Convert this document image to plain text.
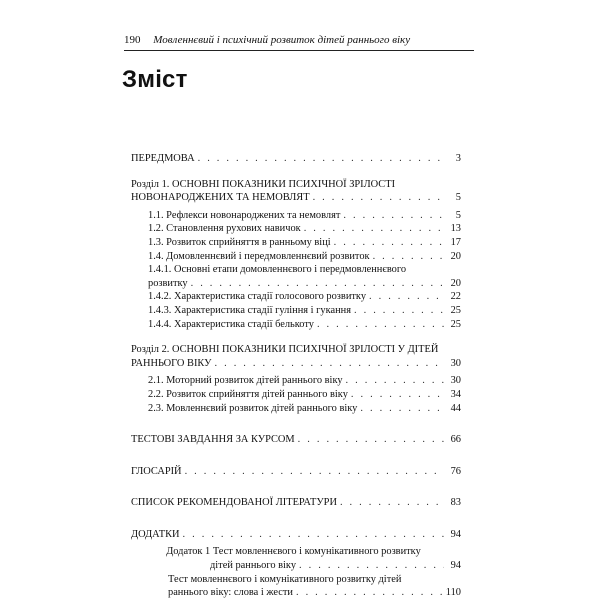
190 Мовленнєвий і психічний розвиток дітей раннього віку
Зміст
ПЕРЕДМОВА . . .	3
Розділ 1. ОСНОВНІ ПОКАЗНИКИ ПСИХІЧНОЇ ЗРІЛОСТІ
НОВОНАРОДЖЕНИХ ТА НЕМОВЛЯТ . . .	5
1.1. Рефлекси новонароджених та немовлят . . .	5
1.2. Становлення рухових навичок . . .	13
1.3. Розвиток сприйняття в ранньому віці . . .	17
1.4. Домовленнєвий і передмовленнєвий розвиток . . .	20
1.4.1. Основні етапи домовленнєвого і передмовленнєвого
розвитку . . .	20
1.4.2. Характеристика стадії голосового розвитку . . .	22
1.4.3. Характеристика стадії гуління і гукання . . .	25
1.4.4. Характеристика стадії белькоту . . .	25
Розділ 2. ОСНОВНІ ПОКАЗНИКИ ПСИХІЧНОЇ ЗРІЛОСТІ У ДІТЕЙ
РАННЬОГО ВІКУ . . .	30
2.1. Моторний розвиток дітей раннього віку . . .	30
2.2. Розвиток сприйняття дітей раннього віку . . .	34
2.3. Мовленнєвий розвиток дітей раннього віку . . .	44
ТЕСТОВІ ЗАВДАННЯ ЗА КУРСОМ . . .	66
ГЛОСАРІЙ . . .	76
СПИСОК РЕКОМЕНДОВАНОЇ ЛІТЕРАТУРИ . . .	83
ДОДАТКИ . . .	94
Додаток 1 Тест мовленнєвого і комунікативного розвитку
дітей раннього віку . . .	94
Тест мовленнєвого і комунікативного розвитку дітей
раннього віку: слова і жести . . .	110
